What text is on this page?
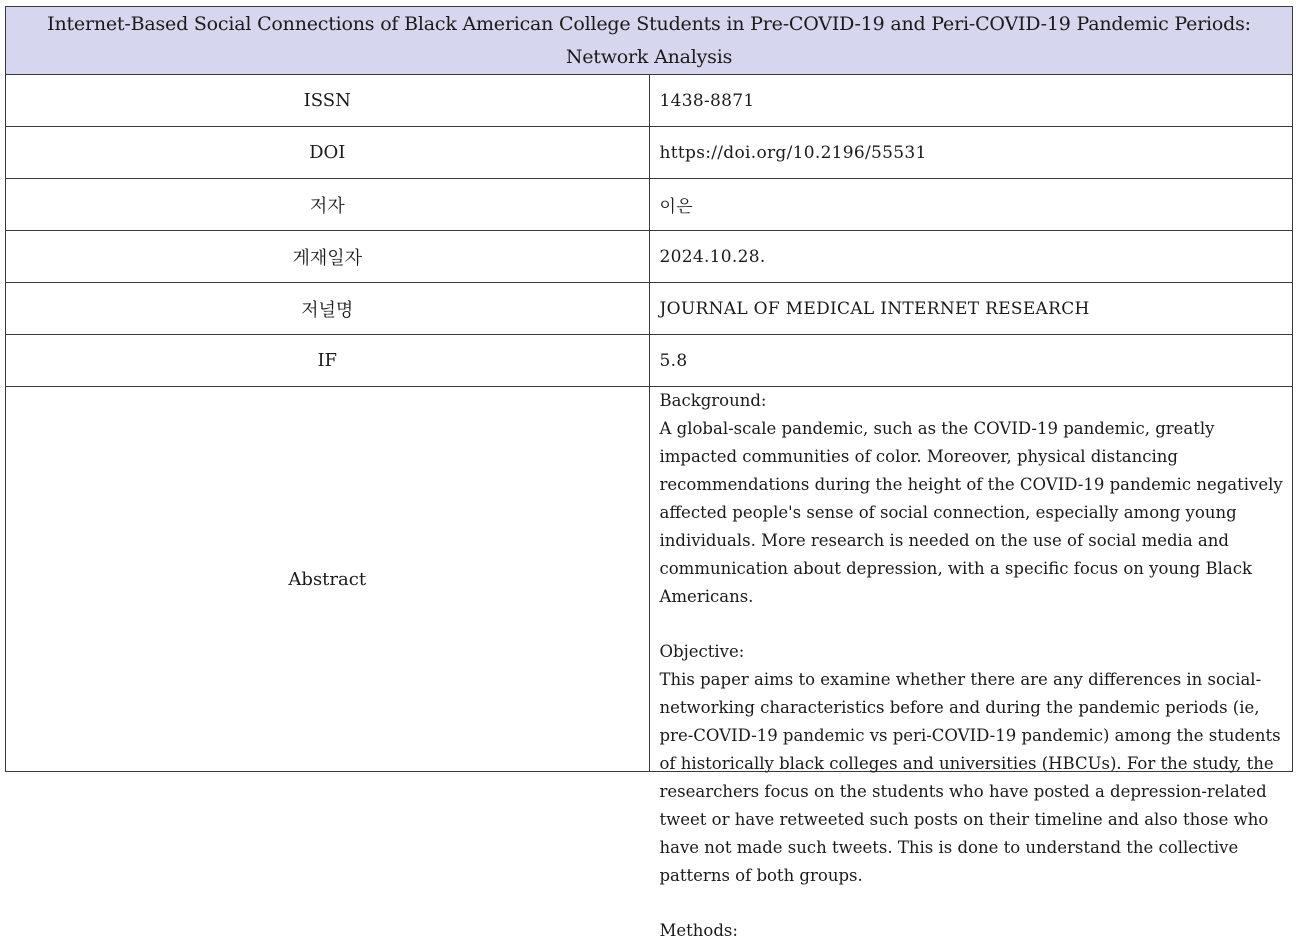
Internet-Based Social Connections of Black American College Students in Pre-COVID-19 and Peri-COVID-19 Pandemic Periods: Network Analysis	
ISSN	1438-8871
DOI	https://doi.org/10.2196/55531
저자	이은
게재일자	2024.10.28.
저널명	JOURNAL OF MEDICAL INTERNET RESEARCH
IF	5.8
Abstract	Background:

A global-scale pandemic, such as the COVID-19 pandemic, greatly impacted communities of color. Moreover, physical distancing recommendations during the height of the COVID-19 pandemic negatively affected people's sense of social connection, especially among young individuals. More research is needed on the use of social media and communication about depression, with a specific focus on young Black Americans.

Objective:

This paper aims to examine whether there are any differences in social-networking characteristics before and during the pandemic periods (ie, pre-COVID-19 pandemic vs peri-COVID-19 pandemic) among the students of historically black colleges and universities (HBCUs). For the study, the researchers focus on the students who have posted a depression-related tweet or have retweeted such posts on their timeline and also those who have not made such tweets. This is done to understand the collective patterns of both groups.

Methods:
